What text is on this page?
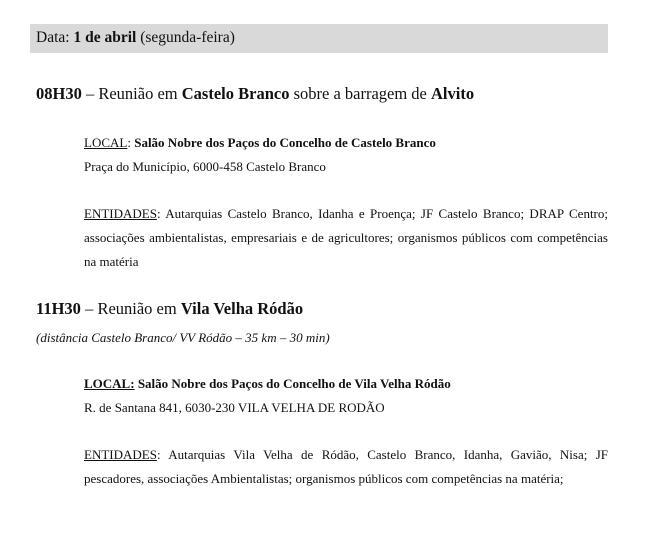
Data: 1 de abril (segunda-feira)
08H30 – Reunião em Castelo Branco sobre a barragem de Alvito
LOCAL: Salão Nobre dos Paços do Concelho de Castelo Branco
Praça do Município, 6000-458 Castelo Branco
ENTIDADES: Autarquias Castelo Branco, Idanha e Proença; JF Castelo Branco; DRAP Centro; associações ambientalistas, empresariais e de agricultores; organismos públicos com competências na matéria
11H30 – Reunião em Vila Velha Ródão
(distância Castelo Branco/ VV Ródão – 35 km – 30 min)
LOCAL: Salão Nobre dos Paços do Concelho de Vila Velha Ródão
R. de Santana 841, 6030-230 VILA VELHA DE RODÃO
ENTIDADES: Autarquias Vila Velha de Ródão, Castelo Branco, Idanha, Gavião, Nisa; JF pescadores, associações Ambientalistas; organismos públicos com competências na matéria;
